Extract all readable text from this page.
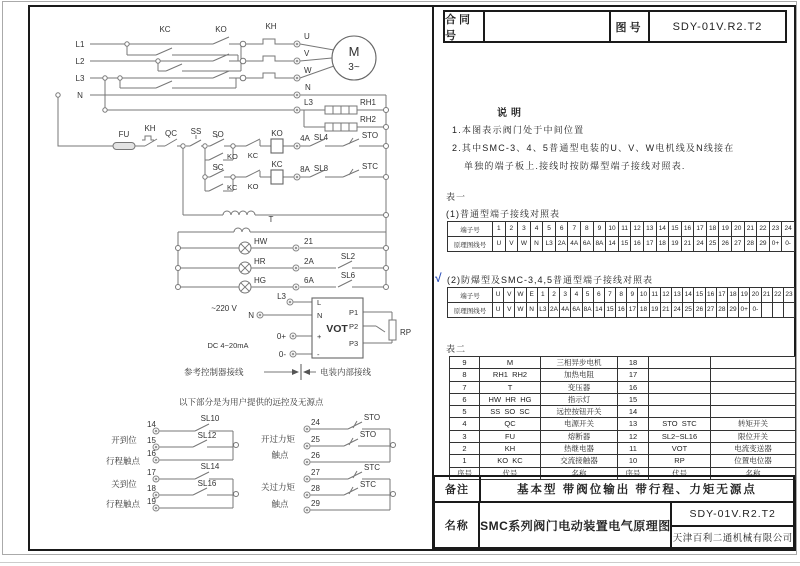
L1
L2
L3
N
KC	KO	KH
U
V
W
M
3~
N
L3	RH1
RH2
FU
KH
QC SS SO
KO
SC
KC
KC
KO
KO
KC
4A SL4	STO
8A SL8	STC
T
HW
HR
HG
21
2A
6A
SL2
SL6
L3
~220 V
N
0+
0-
DC 4~20mA
L
N
VOT
+
-
P1
P2
P3
RP
参考控制器接线	电装内部接线
以下部分是为用户提供的远控及无源点
开到位
行程触点
关到位
行程触点
14
15
16
17
18
19
SL10
SL12
SL14
SL16
开过力矩
触点
关过力矩
触点
24
25
26
27
28
29
STO
STO
STC
STC
合同号
图号	SDY-01V.R2.T2
说明
1.本图表示阀门处于中间位置
2.其中SMC-3、4、5普通型电装的U、V、W电机线及N线接在
单独的端子板上.接线时按防爆型端子接线对照表.
表一
(1)普通型端子接线对照表
端子号	1	2	3	4	5	6	7	8	9	10 11 12 13 14 15 16 17 18 19 20 21 22 23 24
原理图线号	U	V	W	N	L3 2A 4A 6A 8A 14 15 16 17 18 19 21 24 25 26 27 28 29 0+ 0-
√ (2)防爆型及SMC-3,4,5普通型端子接线对照表
端子号	U	V W E	1	2	3	4	5	6	7	8	9 10 11 12 13 14 15 16 17 18 19 20 21 22 23
原理图线号	U	V W N L3 2A 4A 6A 8A 14 15 16 17 18 19 21 24 25 26 27 28 29 0+ 0-
表二
9	M	三相异步电机	18
8	RH1  RH2	加热电阻	17
7	T	变压器	16
6	HW  HR  HG	指示灯	15
5	SS  SO  SC	远控按钮开关	14
4	QC	电源开关	13	STO  STC	转矩开关
3	FU	熔断器	12	SL2~SL16	限位开关
2	KH	热继电器	11	VOT	电流变送器
1	KO  KC	交流接触器	10	RP	位置电位器
序号	代号	名称	序号	代号	名称
备注	基本型 带阀位输出 带行程、力矩无源点
名称 SMC系列阀门电动装置电气原理图
SDY-01V.R2.T2
天津百利二通机械有限公司
